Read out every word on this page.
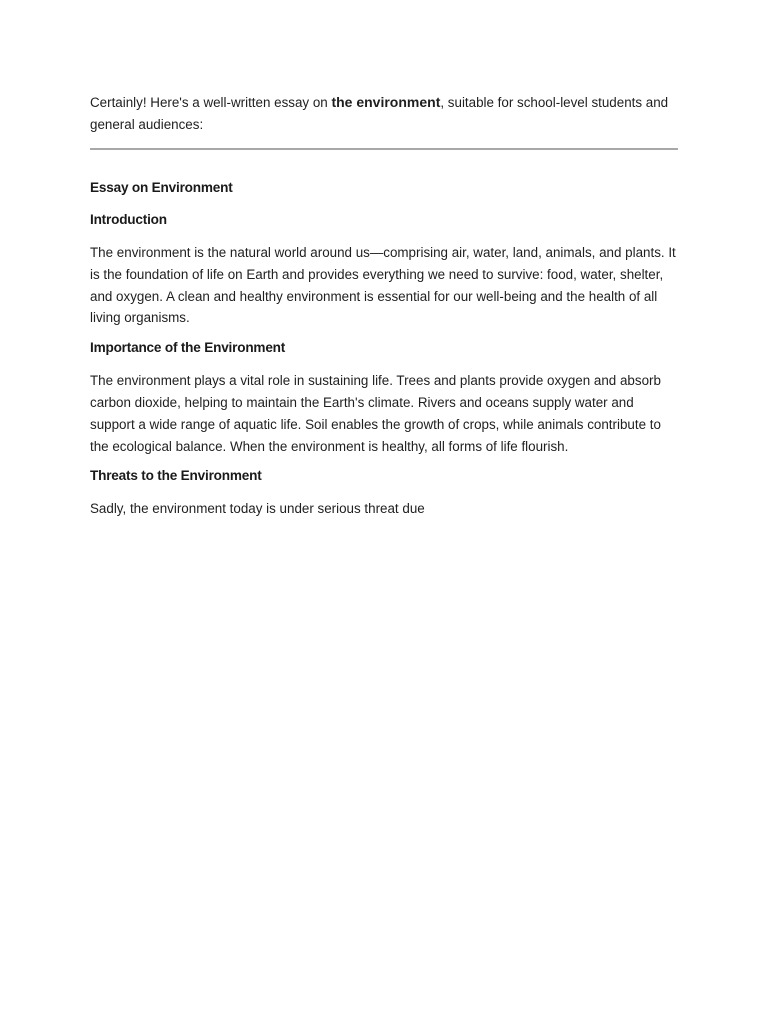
Certainly! Here's a well-written essay on the environment, suitable for school-level students and general audiences:

Essay on Environment
Introduction

The environment is the natural world around us—comprising air, water, land, animals, and plants. It is the foundation of life on Earth and provides everything we need to survive: food, water, shelter, and oxygen. A clean and healthy environment is essential for our well-being and the health of all living organisms.

Importance of the Environment

The environment plays a vital role in sustaining life. Trees and plants provide oxygen and absorb carbon dioxide, helping to maintain the Earth's climate. Rivers and oceans supply water and support a wide range of aquatic life. Soil enables the growth of crops, while animals contribute to the ecological balance. When the environment is healthy, all forms of life flourish.

Threats to the Environment

Sadly, the environment today is under serious threat due
